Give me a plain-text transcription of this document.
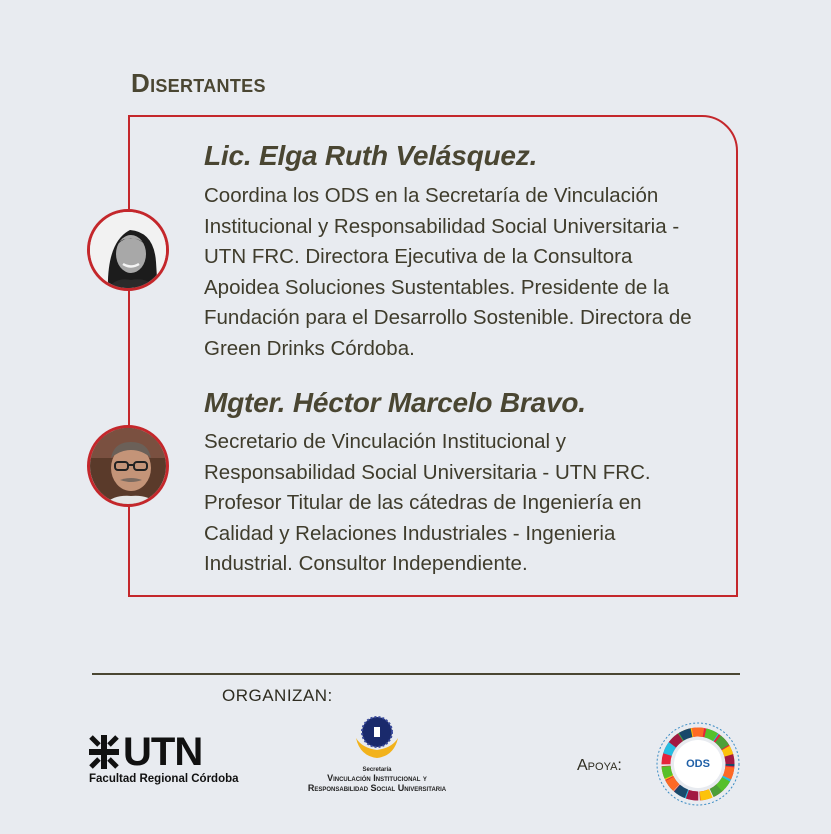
Disertantes
Lic. Elga Ruth Velásquez.
Coordina los ODS en la Secretaría de Vinculación Institucional y Responsabilidad Social Universitaria - UTN FRC. Directora Ejecutiva de la Consultora Apoidea Soluciones Sustentables. Presidente de la Fundación para el Desarrollo Sostenible. Directora de Green Drinks Córdoba.
Mgter. Héctor Marcelo Bravo.
Secretario de Vinculación Institucional y Responsabilidad Social Universitaria - UTN FRC. Profesor Titular de las cátedras de Ingeniería en Calidad y Relaciones Industriales - Ingenieria Industrial. Consultor Independiente.
ORGANIZAN:
UTN
Facultad Regional Córdoba
Secretaría
Vinculación Institucional y
Responsabilidad Social Universitaria
Apoya:	ODS
